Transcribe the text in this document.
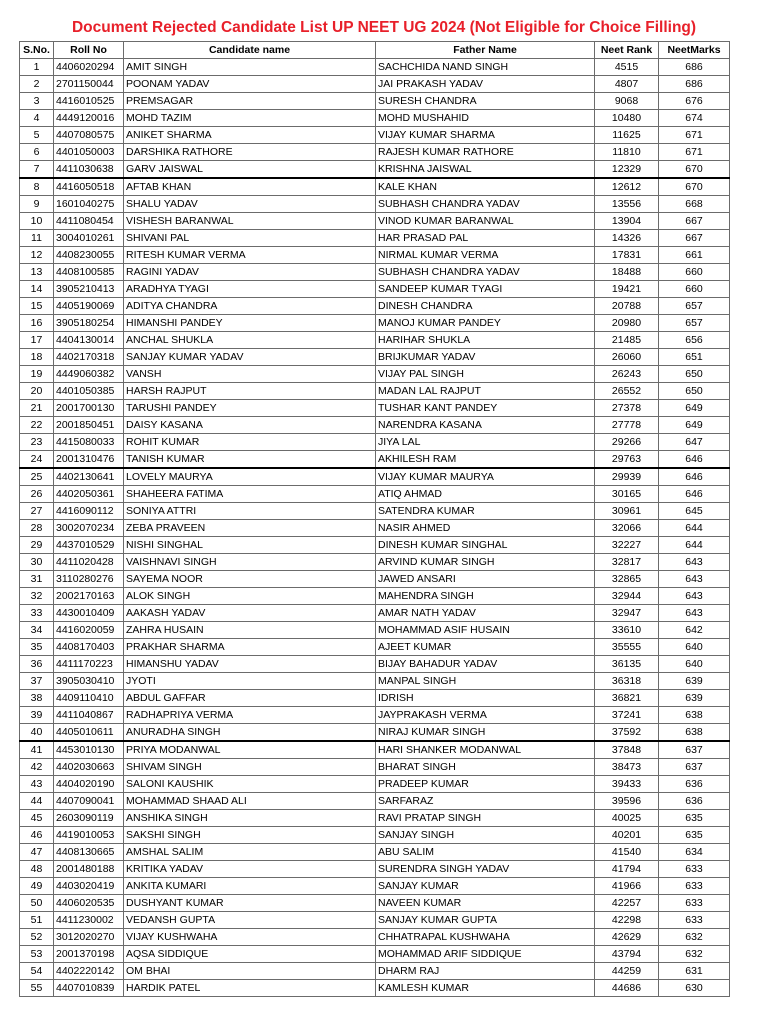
Document Rejected Candidate List UP NEET UG 2024 (Not Eligible for Choice Filling)
S.No.	Roll No	Candidate name	Father Name	Neet Rank	NeetMarks
1	4406020294	AMIT SINGH	SACHCHIDA NAND SINGH	4515	686
2	2701150044	POONAM YADAV	JAI PRAKASH YADAV	4807	686
3	4416010525	PREMSAGAR	SURESH CHANDRA	9068	676
4	4449120016	MOHD TAZIM	MOHD MUSHAHID	10480	674
5	4407080575	ANIKET SHARMA	VIJAY KUMAR SHARMA	11625	671
6	4401050003	DARSHIKA RATHORE	RAJESH KUMAR RATHORE	11810	671
7	4411030638	GARV JAISWAL	KRISHNA JAISWAL	12329	670
8	4416050518	AFTAB KHAN	KALE KHAN	12612	670
9	1601040275	SHALU YADAV	SUBHASH CHANDRA YADAV	13556	668
10	4411080454	VISHESH BARANWAL	VINOD KUMAR BARANWAL	13904	667
11	3004010261	SHIVANI PAL	HAR PRASAD PAL	14326	667
12	4408230055	RITESH KUMAR VERMA	NIRMAL KUMAR VERMA	17831	661
13	4408100585	RAGINI YADAV	SUBHASH CHANDRA YADAV	18488	660
14	3905210413	ARADHYA TYAGI	SANDEEP KUMAR TYAGI	19421	660
15	4405190069	ADITYA CHANDRA	DINESH CHANDRA	20788	657
16	3905180254	HIMANSHI PANDEY	MANOJ KUMAR PANDEY	20980	657
17	4404130014	ANCHAL SHUKLA	HARIHAR SHUKLA	21485	656
18	4402170318	SANJAY KUMAR YADAV	BRIJKUMAR YADAV	26060	651
19	4449060382	VANSH	VIJAY PAL SINGH	26243	650
20	4401050385	HARSH RAJPUT	MADAN LAL RAJPUT	26552	650
21	2001700130	TARUSHI PANDEY	TUSHAR KANT PANDEY	27378	649
22	2001850451	DAISY KASANA	NARENDRA KASANA	27778	649
23	4415080033	ROHIT KUMAR	JIYA LAL	29266	647
24	2001310476	TANISH KUMAR	AKHILESH RAM	29763	646
25	4402130641	LOVELY MAURYA	VIJAY KUMAR MAURYA	29939	646
26	4402050361	SHAHEERA FATIMA	ATIQ AHMAD	30165	646
27	4416090112	SONIYA ATTRI	SATENDRA KUMAR	30961	645
28	3002070234	ZEBA PRAVEEN	NASIR AHMED	32066	644
29	4437010529	NISHI SINGHAL	DINESH KUMAR SINGHAL	32227	644
30	4411020428	VAISHNAVI SINGH	ARVIND KUMAR SINGH	32817	643
31	3110280276	SAYEMA NOOR	JAWED ANSARI	32865	643
32	2002170163	ALOK SINGH	MAHENDRA SINGH	32944	643
33	4430010409	AAKASH YADAV	AMAR NATH YADAV	32947	643
34	4416020059	ZAHRA HUSAIN	MOHAMMAD ASIF HUSAIN	33610	642
35	4408170403	PRAKHAR SHARMA	AJEET KUMAR	35555	640
36	4411170223	HIMANSHU YADAV	BIJAY BAHADUR YADAV	36135	640
37	3905030410	JYOTI	MANPAL SINGH	36318	639
38	4409110410	ABDUL GAFFAR	IDRISH	36821	639
39	4411040867	RADHAPRIYA VERMA	JAYPRAKASH VERMA	37241	638
40	4405010611	ANURADHA SINGH	NIRAJ KUMAR SINGH	37592	638
41	4453010130	PRIYA MODANWAL	HARI SHANKER MODANWAL	37848	637
42	4402030663	SHIVAM SINGH	BHARAT SINGH	38473	637
43	4404020190	SALONI KAUSHIK	PRADEEP KUMAR	39433	636
44	4407090041	MOHAMMAD SHAAD ALI	SARFARAZ	39596	636
45	2603090119	ANSHIKA SINGH	RAVI PRATAP SINGH	40025	635
46	4419010053	SAKSHI SINGH	SANJAY SINGH	40201	635
47	4408130665	AMSHAL SALIM	ABU SALIM	41540	634
48	2001480188	KRITIKA YADAV	SURENDRA SINGH YADAV	41794	633
49	4403020419	ANKITA KUMARI	SANJAY KUMAR	41966	633
50	4406020535	DUSHYANT KUMAR	NAVEEN KUMAR	42257	633
51	4411230002	VEDANSH GUPTA	SANJAY KUMAR GUPTA	42298	633
52	3012020270	VIJAY KUSHWAHA	CHHATRAPAL KUSHWAHA	42629	632
53	2001370198	AQSA SIDDIQUE	MOHAMMAD ARIF SIDDIQUE	43794	632
54	4402220142	OM BHAI	DHARM RAJ	44259	631
55	4407010839	HARDIK PATEL	KAMLESH KUMAR	44686	630
